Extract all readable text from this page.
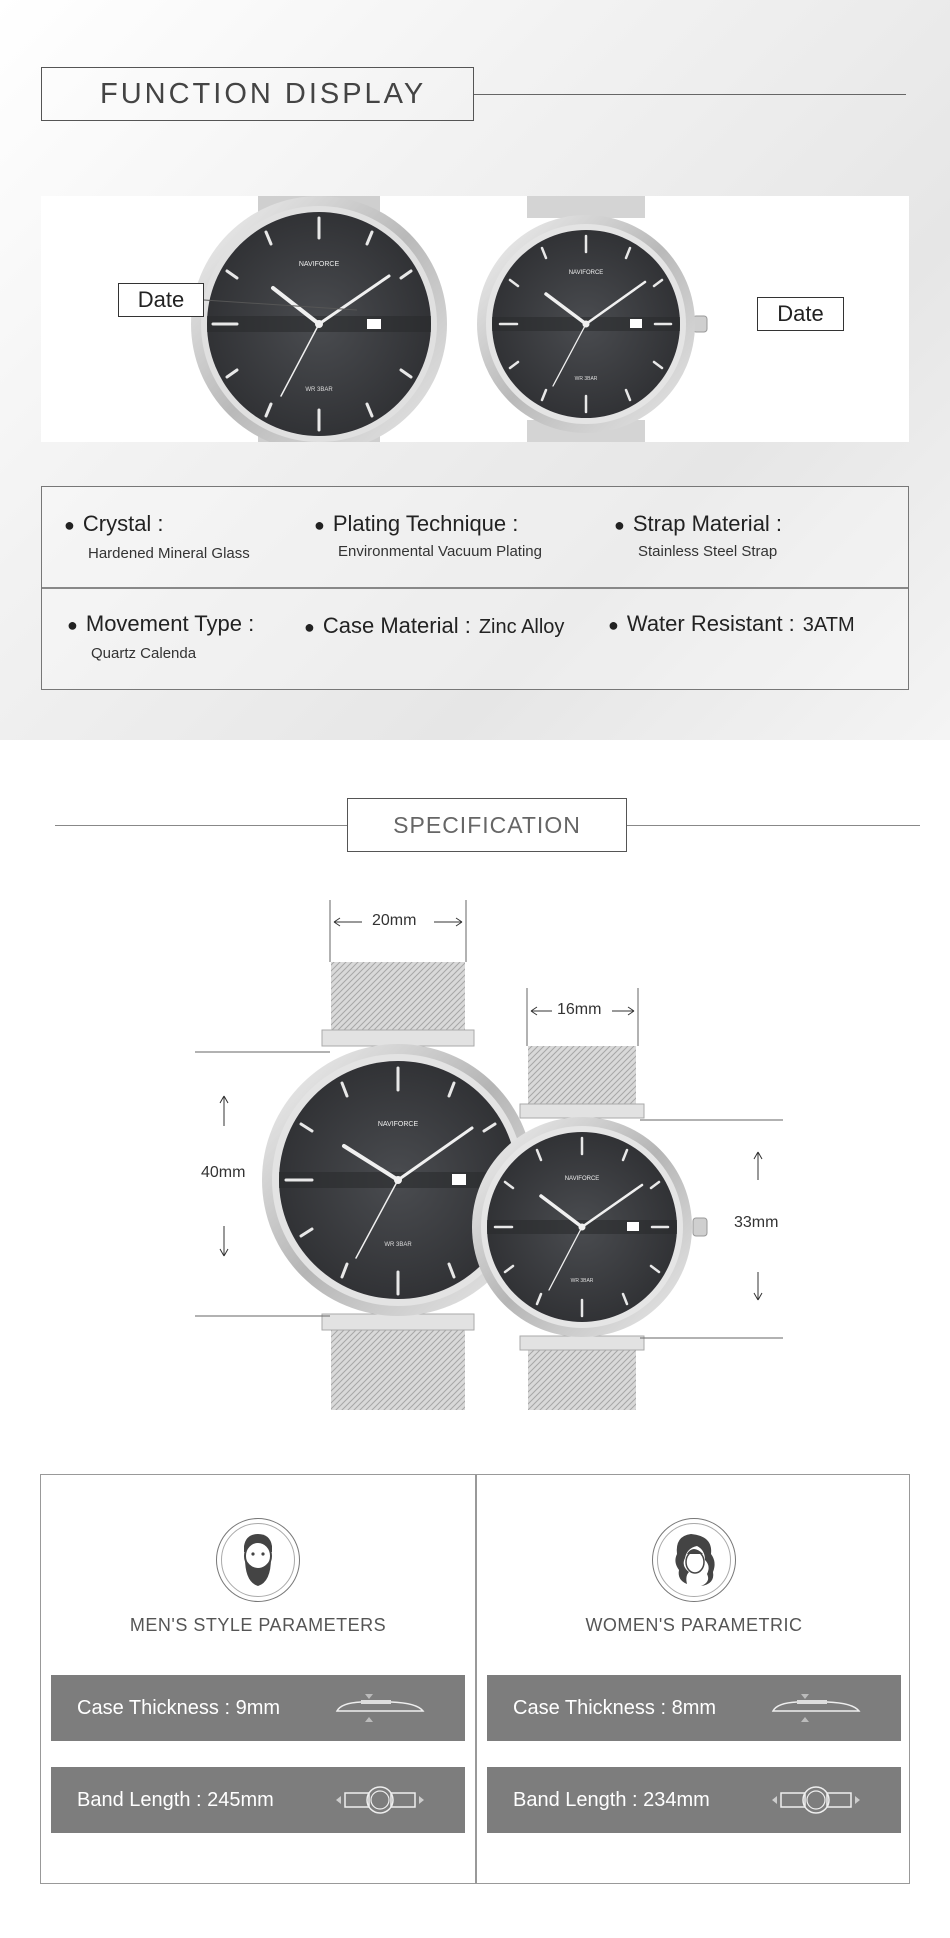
FUNCTION DISPLAY
NAVIFORCE
WR 3BAR
NAVIFORCE
WR 3BAR
Date
Date
● Crystal :
Hardened Mineral Glass
● Plating Technique :
Environmental Vacuum Plating
● Strap Material :
Stainless Steel Strap
● Movement Type :
Quartz Calenda
● Case Material : Zinc Alloy ● Water Resistant : 3ATM
SPECIFICATION
NAVIFORCE
WR 3BAR
NAVIFORCE
WR 3BAR
20mm
16mm
40mm
33mm
MEN'S STYLE PARAMETERS
Case Thickness : 9mm
Band Length : 245mm
WOMEN'S PARAMETRIC
Case Thickness : 8mm
Band Length : 234mm
